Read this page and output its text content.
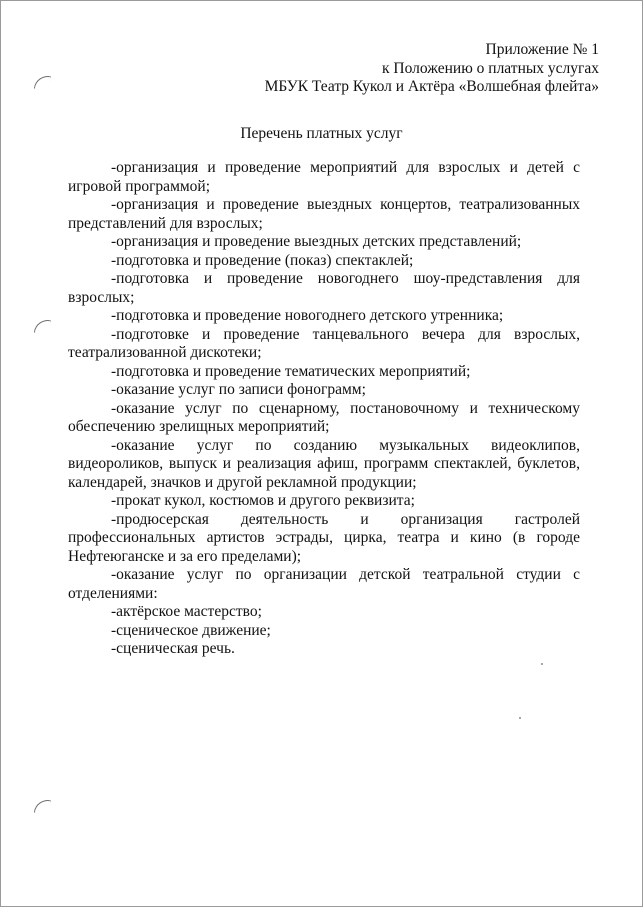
Приложение № 1
к Положению о платных услугах
МБУК Театр Кукол и Актёра «Волшебная флейта»
Перечень платных услуг

-организация и проведение мероприятий для взрослых и детей с игровой программой;

-организация и проведение выездных концертов, театрализованных представлений для взрослых;

-организация и проведение выездных детских представлений;

-подготовка и проведение (показ) спектаклей;

-подготовка и проведение новогоднего шоу-представления для взрослых;

-подготовка и проведение новогоднего детского утренника;

-подготовке и проведение танцевального вечера для взрослых, театрализованной дискотеки;

-подготовка и проведение тематических мероприятий;

-оказание услуг по записи фонограмм;

-оказание услуг по сценарному, постановочному и техническому обеспечению зрелищных мероприятий;

-оказание услуг по созданию музыкальных видеоклипов, видеороликов, выпуск и реализация афиш, программ спектаклей, буклетов, календарей, значков и другой рекламной продукции;

-прокат кукол, костюмов и другого реквизита;

-продюсерская деятельность и организация гастролей профессиональных артистов эстрады, цирка, театра и кино (в городе Нефтеюганске и за его пределами);

-оказание услуг по организации детской театральной студии с отделениями:

-актёрское мастерство;

-сценическое движение;

-сценическая речь.
